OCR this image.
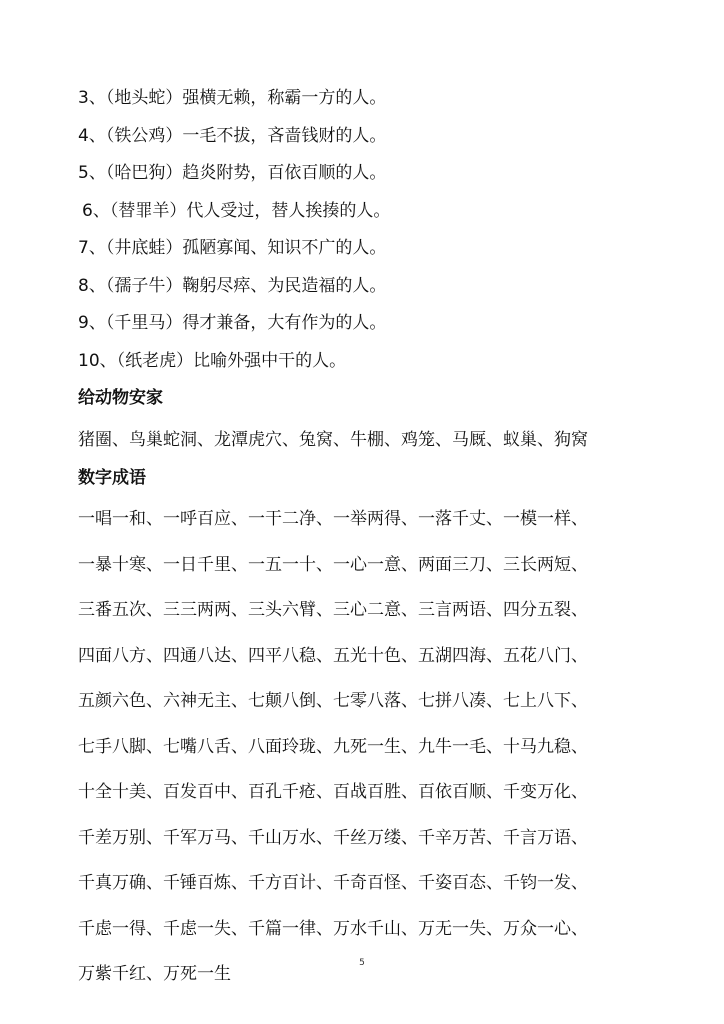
3、（地头蛇）强横无赖，称霸一方的人。
4、（铁公鸡）一毛不拔，吝啬钱财的人。
5、（哈巴狗）趋炎附势，百依百顺的人。
6、（替罪羊）代人受过，替人挨揍的人。
7、（井底蛙）孤陋寡闻、知识不广的人。
8、（孺子牛）鞠躬尽瘁、为民造福的人。
9、（千里马）得才兼备，大有作为的人。
10、（纸老虎）比喻外强中干的人。
给动物安家
猪圈、鸟巢蛇洞、龙潭虎穴、兔窝、牛棚、鸡笼、马厩、蚁巢、狗窝
数字成语
一唱一和、一呼百应、一干二净、一举两得、一落千丈、一模一样、
一暴十寒、一日千里、一五一十、一心一意、两面三刀、三长两短、
三番五次、三三两两、三头六臂、三心二意、三言两语、四分五裂、
四面八方、四通八达、四平八稳、五光十色、五湖四海、五花八门、
五颜六色、六神无主、七颠八倒、七零八落、七拼八凑、七上八下、
七手八脚、七嘴八舌、八面玲珑、九死一生、九牛一毛、十马九稳、
十全十美、百发百中、百孔千疮、百战百胜、百依百顺、千变万化、
千差万别、千军万马、千山万水、千丝万缕、千辛万苦、千言万语、
千真万确、千锤百炼、千方百计、千奇百怪、千姿百态、千钧一发、
千虑一得、千虑一失、千篇一律、万水千山、万无一失、万众一心、
万紫千红、万死一生
5
